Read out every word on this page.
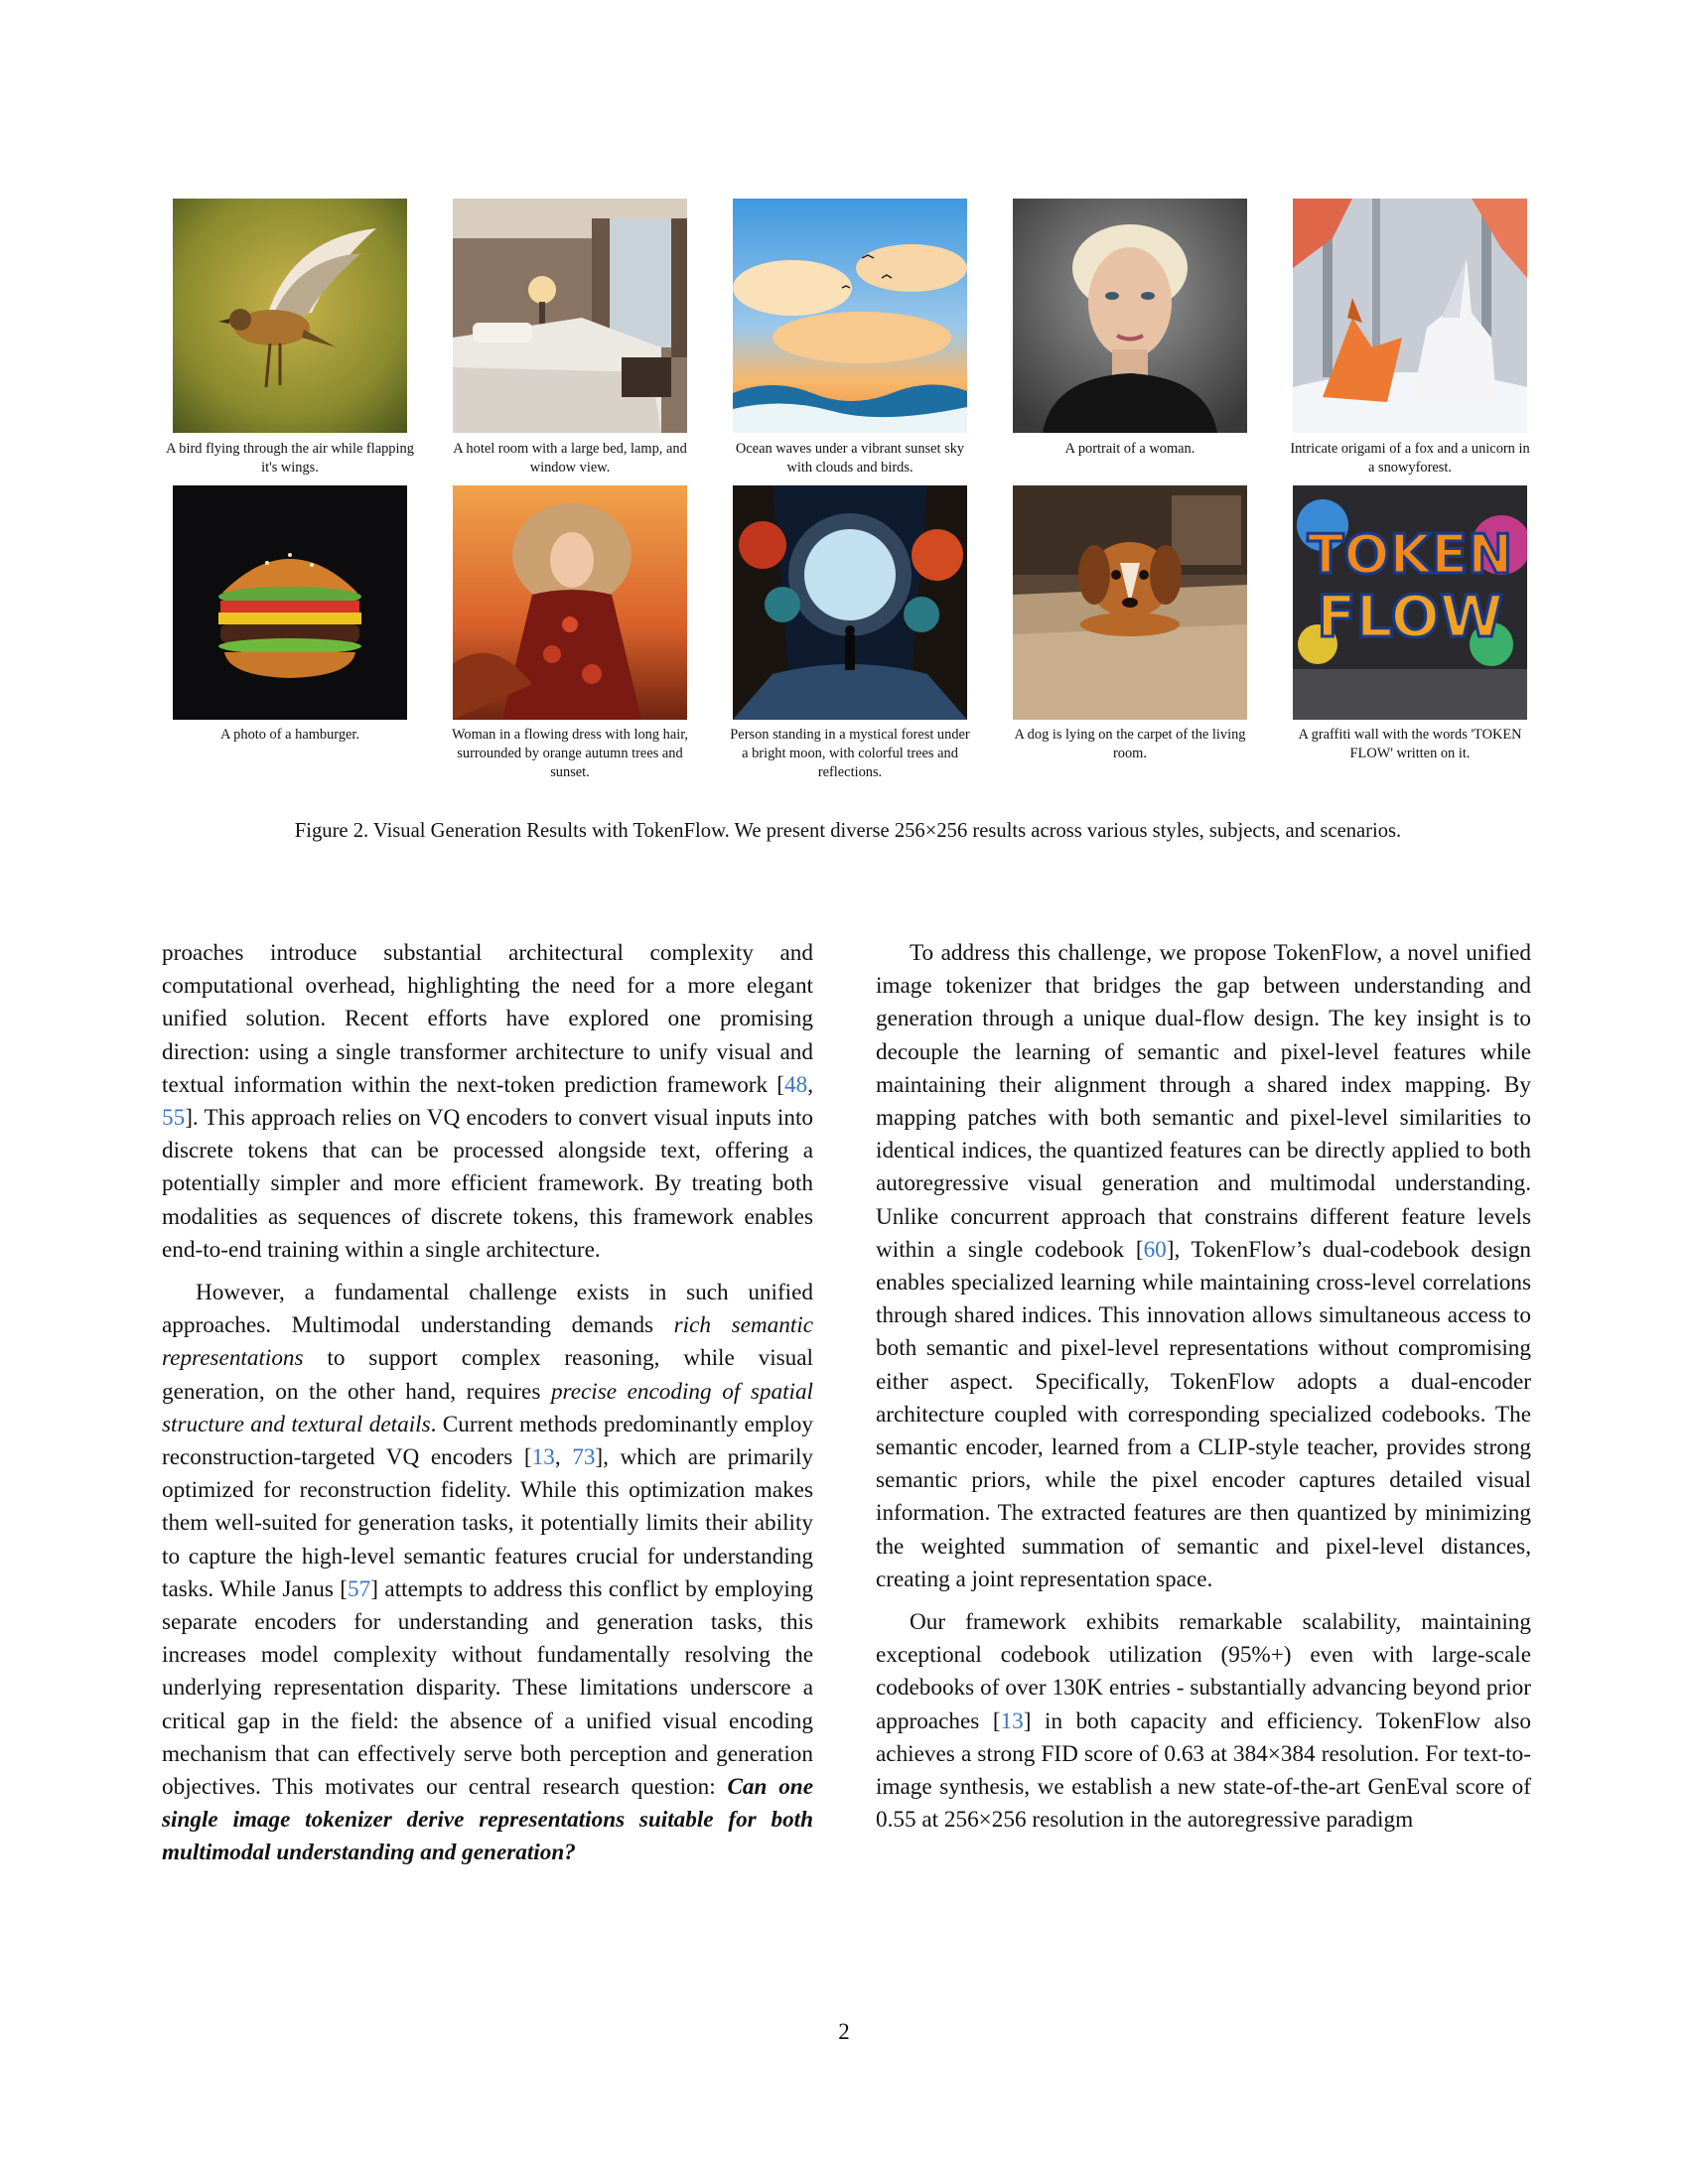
A bird flying through the air while flapping it's wings.
A hotel room with a large bed, lamp, and window view.
Ocean waves under a vibrant sunset sky with clouds and birds.
A portrait of a woman.	Intricate origami of a fox and a unicorn in a snowyforest.
A photo of a hamburger.	Woman in a flowing dress with long hair, surrounded by orange autumn trees and sunset.
Person standing in a mystical forest under a bright moon, with colorful trees and reflections.
A dog is lying on the carpet of the living room.
TOKEN
FLOW
A graffiti wall with the words 'TOKEN FLOW' written on it.
Figure 2. Visual Generation Results with TokenFlow. We present diverse 256×256 results across various styles, subjects, and scenarios.

proaches introduce substantial architectural complexity and computational overhead, highlighting the need for a more elegant unified solution. Recent efforts have explored one promising direction: using a single transformer architecture to unify visual and textual information within the next-token prediction framework [48, 55]. This approach relies on VQ encoders to convert visual inputs into discrete tokens that can be processed alongside text, offering a potentially simpler and more efficient framework. By treating both modalities as sequences of discrete tokens, this framework enables end-to-end training within a single architecture.

However, a fundamental challenge exists in such unified approaches. Multimodal understanding demands rich semantic representations to support complex reasoning, while visual generation, on the other hand, requires precise encoding of spatial structure and textural details. Current methods predominantly employ reconstruction-targeted VQ encoders [13, 73], which are primarily optimized for reconstruction fidelity. While this optimization makes them well-suited for generation tasks, it potentially limits their ability to capture the high-level semantic features crucial for understanding tasks. While Janus [57] attempts to address this conflict by employing separate encoders for understanding and generation tasks, this increases model complexity without fundamentally resolving the underlying representation disparity. These limitations underscore a critical gap in the field: the absence of a unified visual encoding mechanism that can effectively serve both perception and generation objectives. This motivates our central research question: Can one single image tokenizer derive representations suitable for both multimodal understanding and generation?

To address this challenge, we propose TokenFlow, a novel unified image tokenizer that bridges the gap between understanding and generation through a unique dual-flow design. The key insight is to decouple the learning of semantic and pixel-level features while maintaining their alignment through a shared index mapping. By mapping patches with both semantic and pixel-level similarities to identical indices, the quantized features can be directly applied to both autoregressive visual generation and multimodal understanding. Unlike concurrent approach that constrains different feature levels within a single codebook [60], TokenFlow’s dual-codebook design enables specialized learning while maintaining cross-level correlations through shared indices. This innovation allows simultaneous access to both semantic and pixel-level representations without compromising either aspect. Specifically, TokenFlow adopts a dual-encoder architecture coupled with corresponding specialized codebooks. The semantic encoder, learned from a CLIP-style teacher, provides strong semantic priors, while the pixel encoder captures detailed visual information. The extracted features are then quantized by minimizing the weighted summation of semantic and pixel-level distances, creating a joint representation space.

Our framework exhibits remarkable scalability, maintaining exceptional codebook utilization (95%+) even with large-scale codebooks of over 130K entries - substantially advancing beyond prior approaches [13] in both capacity and efficiency. TokenFlow also achieves a strong FID score of 0.63 at 384×384 resolution. For text-to-image synthesis, we establish a new state-of-the-art GenEval score of 0.55 at 256×256 resolution in the autoregressive paradigm

2
